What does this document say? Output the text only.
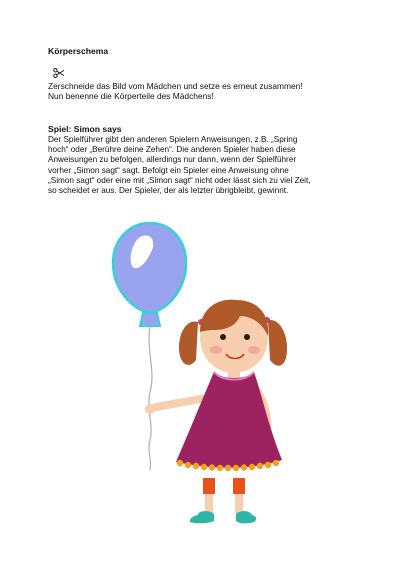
Körperschema
Zerschneide das Bild vom Mädchen und setze es erneut zusammen!
Nun benenne die Körperteile des Mädchens!
Spiel: Simon says
Der Spielführer gibt den anderen Spielern Anweisungen, z.B. „Spring
hoch“ oder „Berühre deine Zehen“. Die anderen Spieler haben diese
Anweisungen zu befolgen, allerdings nur dann, wenn der Spielführer
vorher „Simon sagt“ sagt. Befolgt ein Spieler eine Anweisung ohne
„Simon sagt“ oder eine mit „Simon sagt“ nicht oder lässt sich zu viel Zeit,
so scheidet er aus. Der Spieler, der als letzter übrigbleibt, gewinnt.
